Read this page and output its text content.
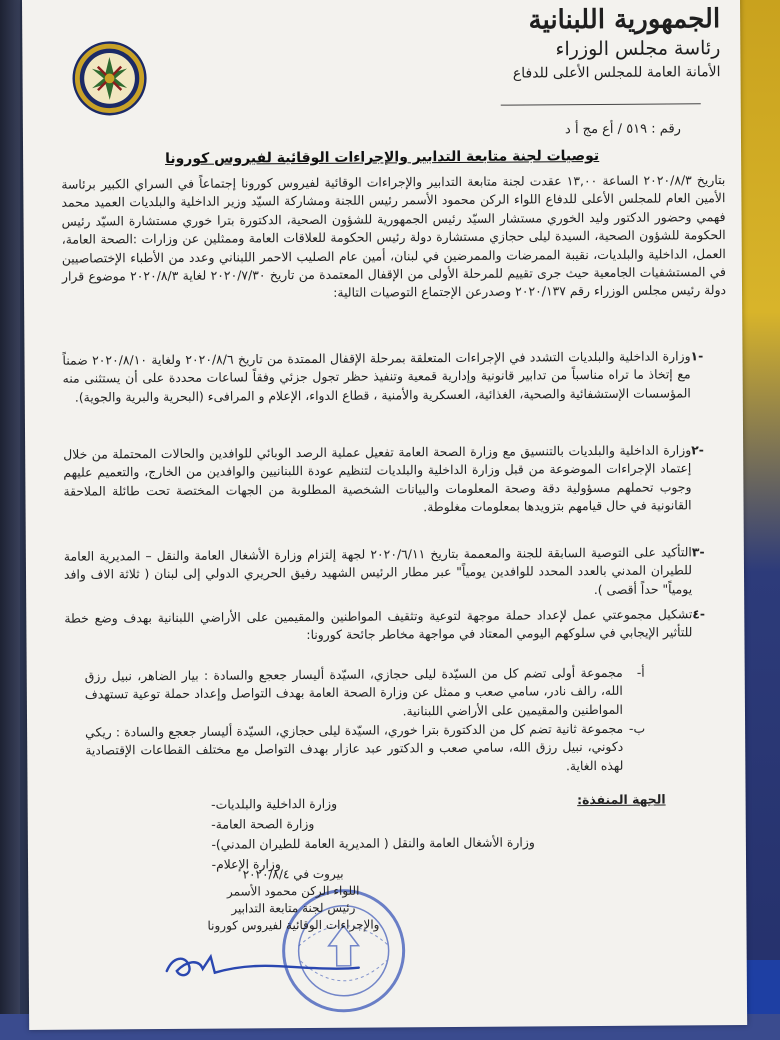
الجمهورية اللبنانية
رئاسة مجلس الوزراء
الأمانة العامة للمجلس الأعلى للدفاع
رقم : ٥١٩ / أع مج أ د
توصيات لجنة متابعة التدابير والإجراءات الوقائية لفيروس كورونا
بتاريخ ٢٠٢٠/٨/٣ الساعة ١٣,٠٠ عقدت لجنة متابعة التدابير والإجراءات الوقائية لفيروس كورونا إجتماعاً في السراي الكبير برئاسة الأمين العام للمجلس الأعلى للدفاع اللواء الركن محمود الأسمر رئيس اللجنة ومشاركة السيّد وزير الداخلية والبلديات العميد محمد فهمي وحضور الدكتور وليد الخوري مستشار السيّد رئيس الجمهورية للشؤون الصحية، الدكتورة بترا خوري مستشارة السيّد رئيس الحكومة للشؤون الصحية، السيدة ليلى حجازي مستشارة دولة رئيس الحكومة للعلاقات العامة وممثلين عن وزارات :الصحة العامة، العمل، الداخلية والبلديات، نقيبة الممرضات والممرضين في لبنان، أمين عام الصليب الاحمر اللبناني وعدد من الأطباء الإختصاصيين في المستشفيات الجامعية حيث جرى تقييم للمرحلة الأولى من الإقفال المعتمدة من تاريخ ٢٠٢٠/٧/٣٠ لغاية ٢٠٢٠/٨/٣ موضوع قرار دولة رئيس مجلس الوزراء رقم ٢٠٢٠/١٣٧ وصدرعن الإجتماع التوصيات التالية:
-١
وزارة الداخلية والبلديات التشدد في الإجراءات المتعلقة بمرحلة الإقفال الممتدة من تاريخ ٢٠٢٠/٨/٦ ولغاية ٢٠٢٠/٨/١٠ ضمناً مع إتخاذ ما تراه مناسباً من تدابير قانونية وإدارية قمعية وتنفيذ حظر تجول جزئي وفقاً لساعات محددة على أن يستثنى منه المؤسسات الإستشفائية والصحية، الغذائية، العسكرية والأمنية ، قطاع الدواء، الإعلام و المرافىء (البحرية والبرية والجوية).
-٢
وزارة الداخلية والبلديات بالتنسيق مع وزارة الصحة العامة تفعيل عملية الرصد الوبائي للوافدين والحالات المحتملة من خلال إعتماد الإجراءات الموضوعة من قبل وزارة الداخلية والبلديات لتنظيم عودة اللبنانيين والوافدين من الخارج، والتعميم عليهم وجوب تحملهم مسؤولية دقة وصحة المعلومات والبيانات الشخصية المطلوبة من الجهات المختصة تحت طائلة الملاحقة القانونية في حال قيامهم بتزويدها بمعلومات مغلوطة.
-٣
التأكيد على التوصية السابقة للجنة والمعممة بتاريخ ٢٠٢٠/٦/١١ لجهة إلتزام وزارة الأشغال العامة والنقل – المديرية العامة للطيران المدني بالعدد المحدد للوافدين يومياً" عبر مطار الرئيس الشهيد رفيق الحريري الدولي إلى لبنان ( ثلاثة الاف وافد يومياً" حداً أقصى ).
-٤
تشكيل مجموعتي عمل لإعداد حملة موجهة لتوعية وتثقيف المواطنين والمقيمين على الأراضي اللبنانية بهدف وضع خطة للتأثير الإيجابي في سلوكهم اليومي المعتاد في مواجهة مخاطر جائحة كورونا:
أ-
مجموعة أولى تضم كل من السيّدة ليلى حجازي، السيّدة أليسار جعجع والسادة : بيار الضاهر، نبيل رزق الله، رالف نادر، سامي صعب و ممثل عن وزارة الصحة العامة بهدف التواصل وإعداد حملة توعية تستهدف المواطنين والمقيمين على الأراضي اللبنانية.
ب-
مجموعة ثانية تضم كل من الدكتورة بترا خوري، السيّدة ليلى حجازي، السيّدة أليسار جعجع والسادة : ريكي دكوني، نبيل رزق الله، سامي صعب و الدكتور عبد عازار بهدف التواصل مع مختلف القطاعات الإقتصادية لهذه الغاية.
الجهة المنفذة:
- وزارة الداخلية والبلديات
- وزارة الصحة العامة
- وزارة الأشغال العامة والنقل ( المديرية العامة للطيران المدني)
- وزارة الإعلام
بيروت في ٢٠٢٠/٨/٤
اللواء الركن محمود الأسمر
رئيس لجنة متابعة التدابير
والإجراءات الوقائية لفيروس كورونا
